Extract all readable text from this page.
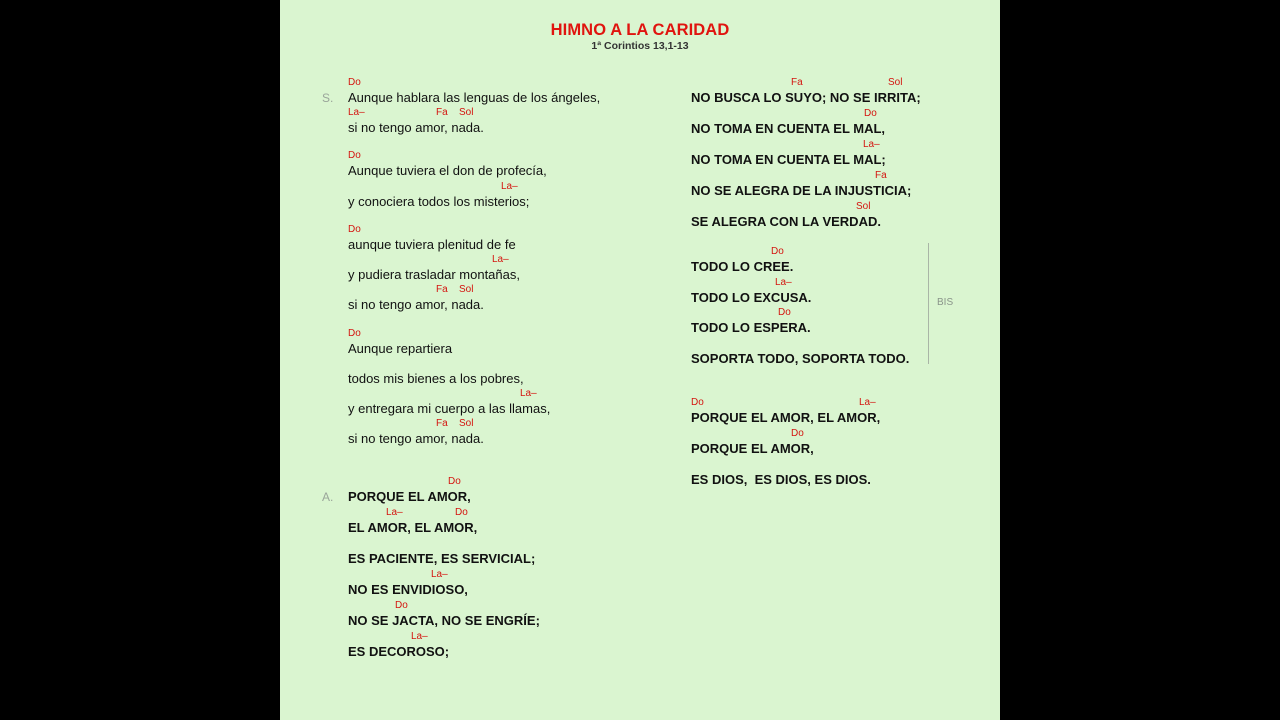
HIMNO A LA CARIDAD
1ª Corintios 13,1-13
S.
A.
BIS
Aunque hablara las lenguas de los ángeles,
Do
si no tengo amor, nada.
La–	Fa Sol
Aunque tuviera el don de profecía,
Do
y conociera todos los misterios;
La–
aunque tuviera plenitud de fe
Do
y pudiera trasladar montañas,
La–
si no tengo amor, nada.
Fa Sol
Aunque repartiera
Do
todos mis bienes a los pobres,
y entregara mi cuerpo a las llamas,
La–
si no tengo amor, nada.
Fa Sol
PORQUE EL AMOR,
Do
EL AMOR, EL AMOR,
La–	Do
ES PACIENTE, ES SERVICIAL;
NO ES ENVIDIOSO,
La–
NO SE JACTA, NO SE ENGRÍE;
Do
ES DECOROSO;
La–
NO BUSCA LO SUYO; NO SE IRRITA;
Fa	Sol
NO TOMA EN CUENTA EL MAL,
Do
NO TOMA EN CUENTA EL MAL;
La–
NO SE ALEGRA DE LA INJUSTICIA;
Fa
SE ALEGRA CON LA VERDAD.
Sol
TODO LO CREE.
Do
TODO LO EXCUSA.
La–
TODO LO ESPERA.
Do
SOPORTA TODO, SOPORTA TODO.
PORQUE EL AMOR, EL AMOR,
Do	La–
PORQUE EL AMOR,
Do
ES DIOS,  ES DIOS, ES DIOS.
